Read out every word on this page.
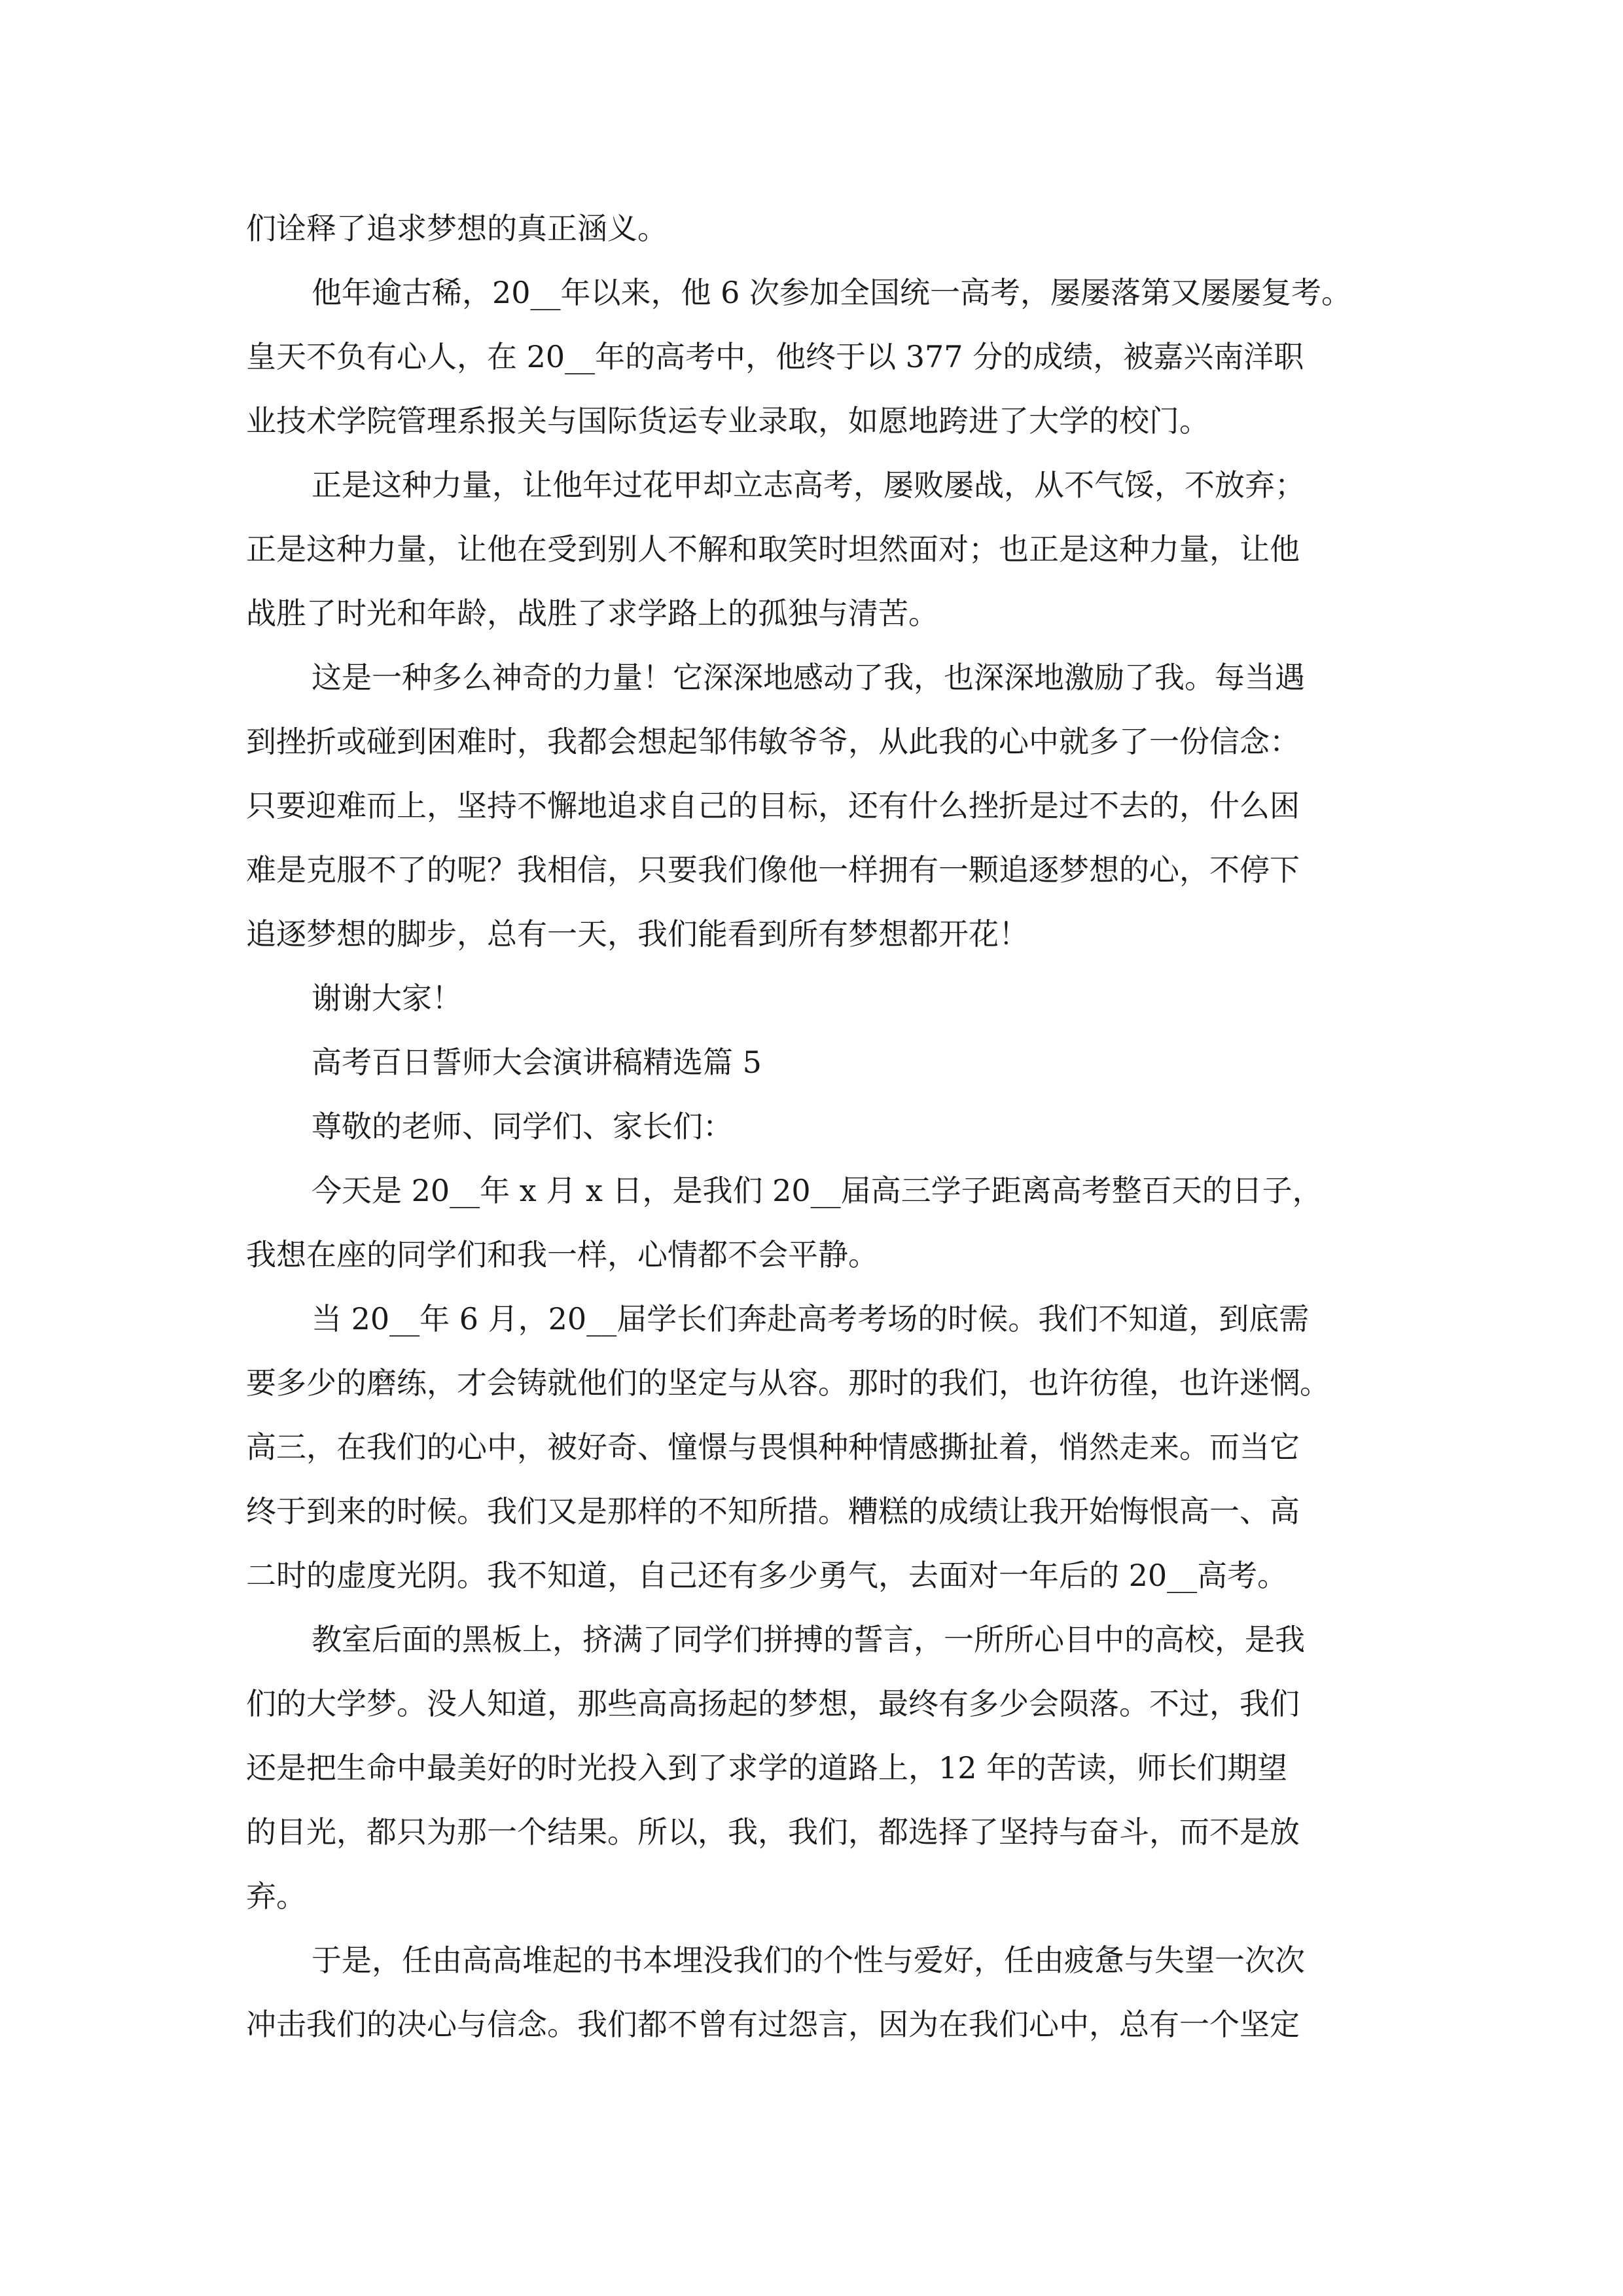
们诠释了追求梦想的真正涵义。
他年逾古稀，20__年以来，他 6 次参加全国统一高考，屡屡落第又屡屡复考。
皇天不负有心人，在 20__年的高考中，他终于以 377 分的成绩，被嘉兴南洋职
业技术学院管理系报关与国际货运专业录取，如愿地跨进了大学的校门。
正是这种力量，让他年过花甲却立志高考，屡败屡战，从不气馁，不放弃；
正是这种力量，让他在受到别人不解和取笑时坦然面对；也正是这种力量，让他
战胜了时光和年龄，战胜了求学路上的孤独与清苦。
这是一种多么神奇的力量！它深深地感动了我，也深深地激励了我。每当遇
到挫折或碰到困难时，我都会想起邹伟敏爷爷，从此我的心中就多了一份信念：
只要迎难而上，坚持不懈地追求自己的目标，还有什么挫折是过不去的，什么困
难是克服不了的呢？我相信，只要我们像他一样拥有一颗追逐梦想的心，不停下
追逐梦想的脚步，总有一天，我们能看到所有梦想都开花！
谢谢大家！
高考百日誓师大会演讲稿精选篇 5
尊敬的老师、同学们、家长们：
今天是 20__年 x 月 x 日，是我们 20__届高三学子距离高考整百天的日子，
我想在座的同学们和我一样，心情都不会平静。
当 20__年 6 月，20__届学长们奔赴高考考场的时候。我们不知道，到底需
要多少的磨练，才会铸就他们的坚定与从容。那时的我们，也许彷徨，也许迷惘。
高三，在我们的心中，被好奇、憧憬与畏惧种种情感撕扯着，悄然走来。而当它
终于到来的时候。我们又是那样的不知所措。糟糕的成绩让我开始悔恨高一、高
二时的虚度光阴。我不知道，自己还有多少勇气，去面对一年后的 20__高考。
教室后面的黑板上，挤满了同学们拼搏的誓言，一所所心目中的高校，是我
们的大学梦。没人知道，那些高高扬起的梦想，最终有多少会陨落。不过，我们
还是把生命中最美好的时光投入到了求学的道路上，12 年的苦读，师长们期望
的目光，都只为那一个结果。所以，我，我们，都选择了坚持与奋斗，而不是放
弃。
于是，任由高高堆起的书本埋没我们的个性与爱好，任由疲惫与失望一次次
冲击我们的决心与信念。我们都不曾有过怨言，因为在我们心中，总有一个坚定
